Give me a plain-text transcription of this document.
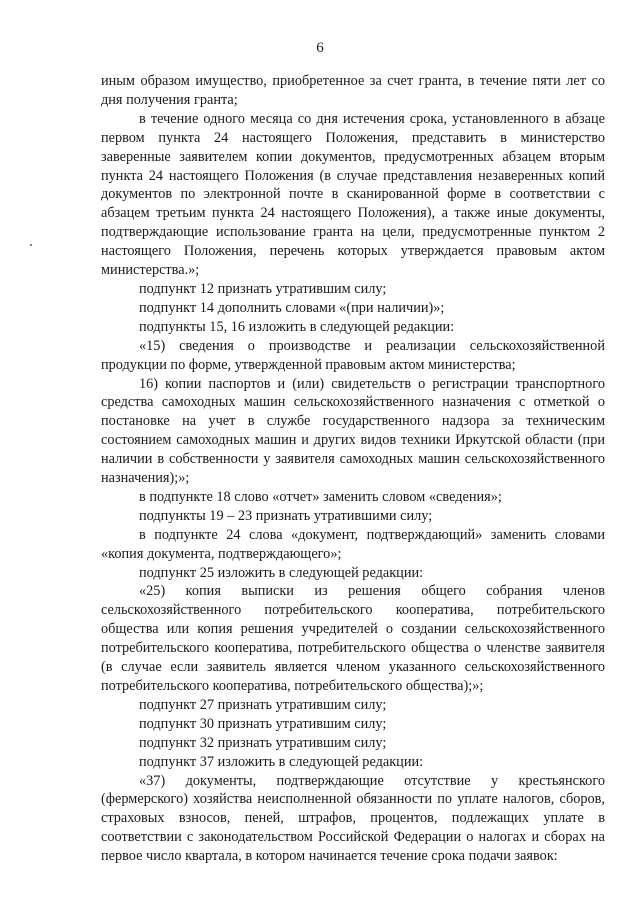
6

иным образом имущество, приобретенное за счет гранта, в течение пяти лет со дня получения гранта;

в течение одного месяца со дня истечения срока, установленного в абзаце первом пункта 24 настоящего Положения, представить в министерство заверенные заявителем копии документов, предусмотренных абзацем вторым пункта 24 настоящего Положения (в случае представления незаверенных копий документов по электронной почте в сканированной форме в соответствии с абзацем третьим пункта 24 настоящего Положения), а также иные документы, подтверждающие использование гранта на цели, предусмотренные пунктом 2 настоящего Положения, перечень которых утверждается правовым актом министерства.»;

подпункт 12 признать утратившим силу;

подпункт 14 дополнить словами «(при наличии)»;

подпункты 15, 16 изложить в следующей редакции:

«15) сведения о производстве и реализации сельскохозяйственной продукции по форме, утвержденной правовым актом министерства;

16) копии паспортов и (или) свидетельств о регистрации транспортного средства самоходных машин сельскохозяйственного назначения с отметкой о постановке на учет в службе государственного надзора за техническим состоянием самоходных машин и других видов техники Иркутской области (при наличии в собственности у заявителя самоходных машин сельскохозяйственного назначения);»;

в подпункте 18 слово «отчет» заменить словом «сведения»;

подпункты 19 – 23 признать утратившими силу;

в подпункте 24 слова «документ, подтверждающий» заменить словами «копия документа, подтверждающего»;

подпункт 25 изложить в следующей редакции:

«25) копия выписки из решения общего собрания членов сельскохозяйственного потребительского кооператива, потребительского общества или копия решения учредителей о создании сельскохозяйственного потребительского кооператива, потребительского общества о членстве заявителя (в случае если заявитель является членом указанного сельскохозяйственного потребительского кооператива, потребительского общества);»;

подпункт 27 признать утратившим силу;

подпункт 30 признать утратившим силу;

подпункт 32 признать утратившим силу;

подпункт 37 изложить в следующей редакции:

«37) документы, подтверждающие отсутствие у крестьянского (фермерского) хозяйства неисполненной обязанности по уплате налогов, сборов, страховых взносов, пеней, штрафов, процентов, подлежащих уплате в соответствии с законодательством Российской Федерации о налогах и сборах на первое число квартала, в котором начинается течение срока подачи заявок:
